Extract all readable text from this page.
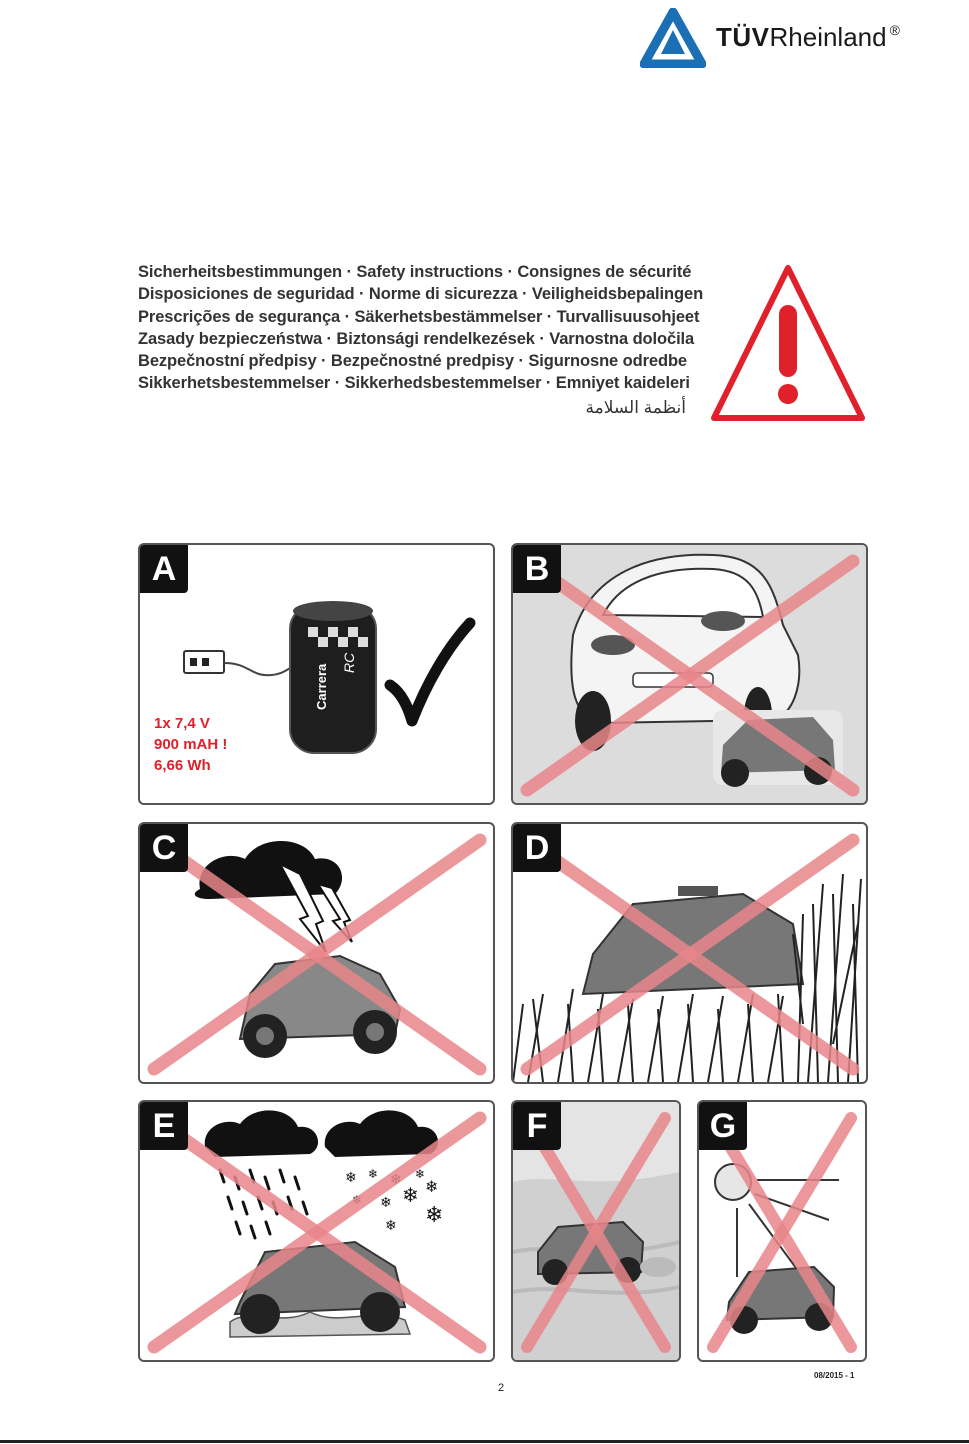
TÜVRheinland ®
Sicherheitsbestimmungen · Safety instructions · Consignes de sécurité
Disposiciones de seguridad · Norme di sicurezza · Veiligheidsbepalingen
Prescrições de segurança · Säkerhetsbestämmelser · Turvallisuusohjeet
Zasady bezpieczeństwa · Biztonsági rendelkezések · Varnostna določila
Bezpečnostní předpisy · Bezpečnostné predpisy · Sigurnosne odredbe
Sikkerhetsbestemmelser · Sikkerhedsbestemmelser · Emniyet kaideleri
أنظمة السلامة
A
Carrera
RC
1x 7,4 V
900 mAH !
6,66 Wh
B
C	D
E
❄ ❄	❄
❄ ❄ ❄
❄ ❄
F	G
08/2015 - 1
2
